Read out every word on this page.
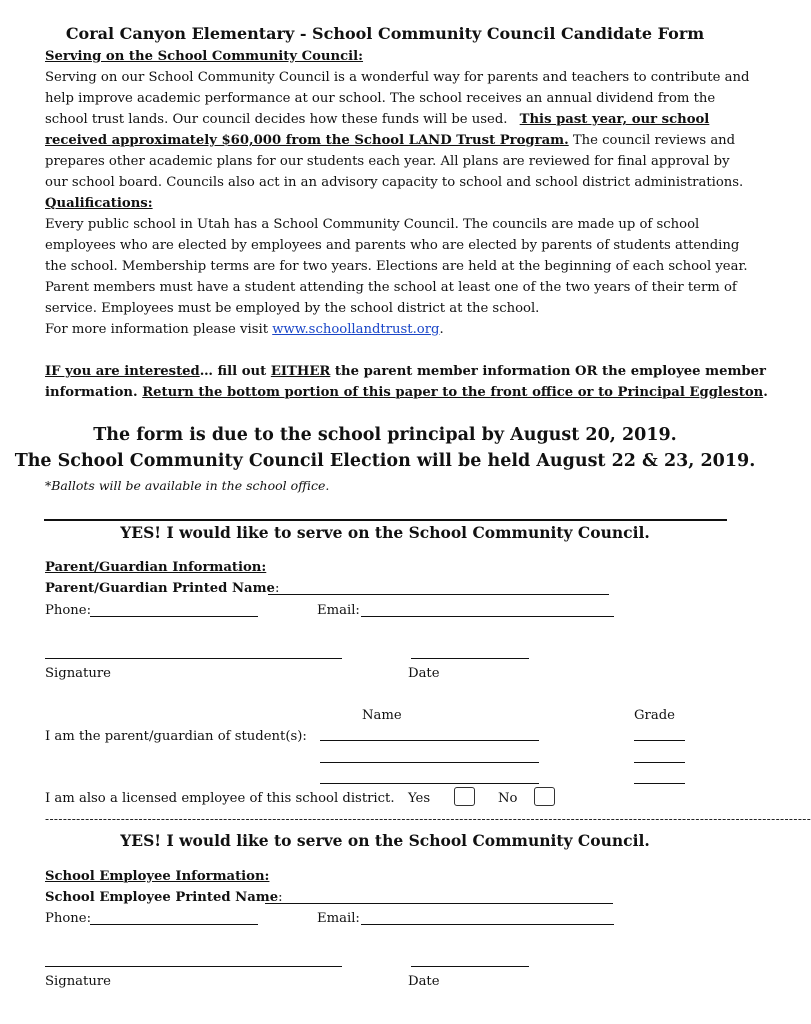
Coral Canyon Elementary - School Community Council Candidate Form
Serving on the School Community Council:
Serving on our School Community Council is a wonderful way for parents and teachers to contribute and
help improve academic performance at our school. The school receives an annual dividend from the
school trust lands. Our council decides how these funds will be used. This past year, our school
received approximately $60,000 from the School LAND Trust Program. The council reviews and
prepares other academic plans for our students each year. All plans are reviewed for final approval by
our school board. Councils also act in an advisory capacity to school and school district administrations.
Qualifications:
Every public school in Utah has a School Community Council. The councils are made up of school
employees who are elected by employees and parents who are elected by parents of students attending
the school. Membership terms are for two years. Elections are held at the beginning of each school year.
Parent members must have a student attending the school at least one of the two years of their term of
service. Employees must be employed by the school district at the school.
For more information please visit www.schoollandtrust.org.
IF you are interested… fill out EITHER the parent member information OR the employee member
information. Return the bottom portion of this paper to the front office or to Principal Eggleston.
The form is due to the school principal by August 20, 2019.
The School Community Council Election will be held August 22 & 23, 2019.
*Ballots will be available in the school office.
YES! I would like to serve on the School Community Council.
Parent/Guardian Information:
Parent/Guardian Printed Name:
Phone:	Email:
Signature	Date
Name	Grade
I am the parent/guardian of student(s):
I am also a licensed employee of this school district. Yes	No
----------------------------------------------------------------------------------------------------------------------------------------------------------------------------
YES! I would like to serve on the School Community Council.
School Employee Information:
School Employee Printed Name:
Phone:	Email:
Signature	Date
